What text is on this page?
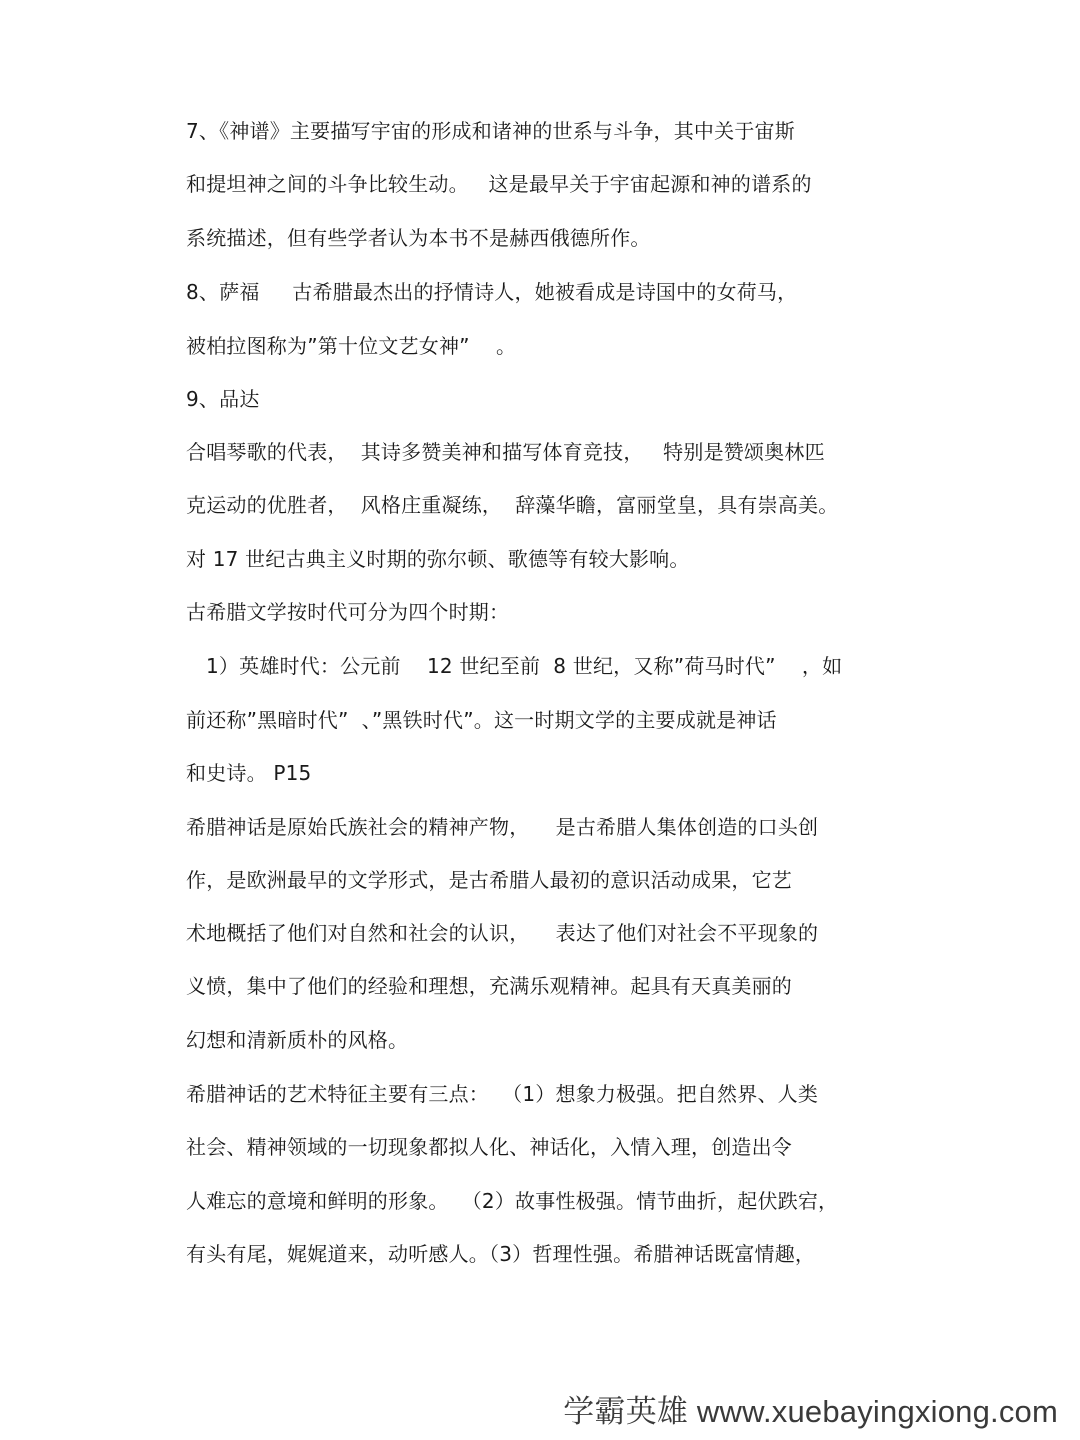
7、《神谱》主要描写宇宙的形成和诸神的世系与斗争，其中关于宙斯
和提坦神之间的斗争比较生动。   这是最早关于宇宙起源和神的谱系的
系统描述，但有些学者认为本书不是赫西俄德所作。
8、萨福     古希腊最杰出的抒情诗人，她被看成是诗国中的女荷马，
被柏拉图称为”第十位文艺女神”    。
9、品达
合唱琴歌的代表，  其诗多赞美神和描写体育竞技，   特别是赞颂奥林匹
克运动的优胜者，  风格庄重凝练，  辞藻华瞻，富丽堂皇，具有崇高美。
对 17 世纪古典主义时期的弥尔顿、歌德等有较大影响。
古希腊文学按时代可分为四个时期：
1）英雄时代：公元前    12 世纪至前  8 世纪，又称”荷马时代”    ，如
前还称”黑暗时代”  、”黑铁时代”。这一时期文学的主要成就是神话
和史诗。 P15
希腊神话是原始氏族社会的精神产物，    是古希腊人集体创造的口头创
作，是欧洲最早的文学形式，是古希腊人最初的意识活动成果，它艺
术地概括了他们对自然和社会的认识，    表达了他们对社会不平现象的
义愤，集中了他们的经验和理想，充满乐观精神。起具有天真美丽的
幻想和清新质朴的风格。
希腊神话的艺术特征主要有三点：  （1）想象力极强。把自然界、人类
社会、精神领域的一切现象都拟人化、神话化，入情入理，创造出令
人难忘的意境和鲜明的形象。  （2）故事性极强。情节曲折，起伏跌宕，
有头有尾，娓娓道来，动听感人。（3）哲理性强。希腊神话既富情趣，
学霸英雄 www.xuebayingxiong.com
